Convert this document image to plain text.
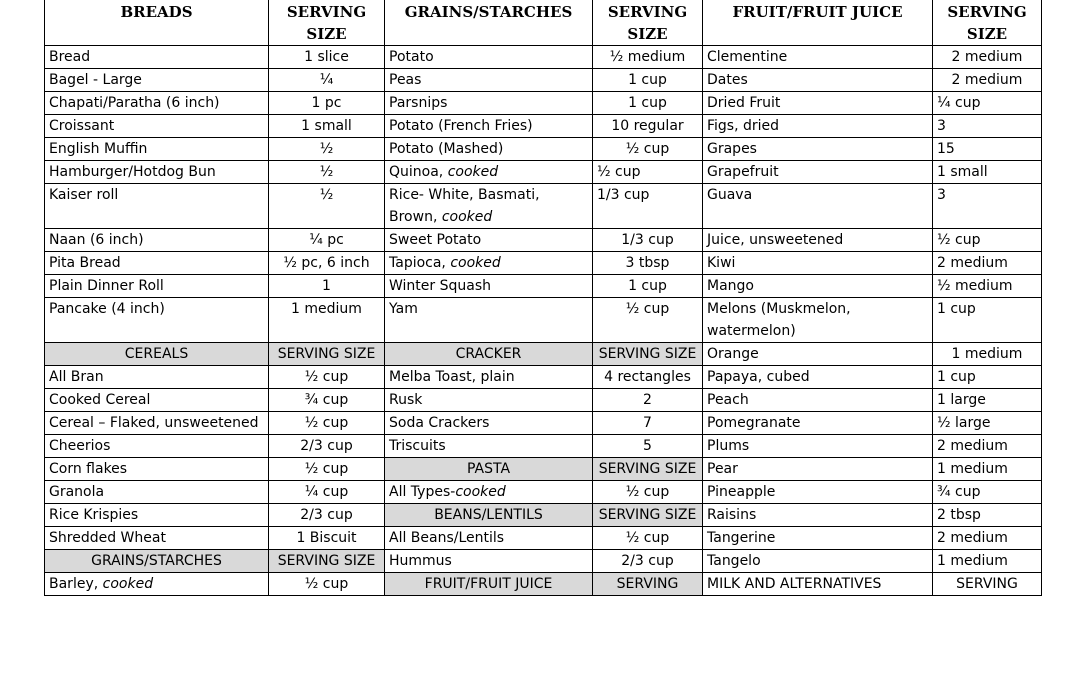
BREADS	SERVING SIZE	GRAINS/STARCHES	SERVING SIZE	FRUIT/FRUIT JUICE	SERVING SIZE
Bread	1 slice	Potato	½ medium	Clementine	2 medium
Bagel - Large	¼	Peas	1 cup	Dates	2 medium
Chapati/Paratha (6 inch)	1 pc	Parsnips	1 cup	Dried Fruit	¼ cup
Croissant	1 small	Potato (French Fries)	10 regular	Figs, dried	3
English Muffin	½	Potato (Mashed)	½ cup	Grapes	15
Hamburger/Hotdog Bun	½	Quinoa, cooked	½ cup	Grapefruit	1 small
Kaiser roll	½	Rice- White, Basmati, Brown, cooked	1/3 cup	Guava	3
Naan (6 inch)	¼ pc	Sweet Potato	1/3 cup	Juice, unsweetened	½ cup
Pita Bread	½ pc, 6 inch	Tapioca, cooked	3 tbsp	Kiwi	2 medium
Plain Dinner Roll	1	Winter Squash	1 cup	Mango	½ medium
Pancake (4 inch)	1 medium	Yam	½ cup	Melons (Muskmelon, watermelon)	1 cup
CEREALS	SERVING SIZE	CRACKER	SERVING SIZE	Orange	1 medium
All Bran	½ cup	Melba Toast, plain	4 rectangles	Papaya, cubed	1 cup
Cooked Cereal	¾ cup	Rusk	2	Peach	1 large
Cereal – Flaked, unsweetened	½ cup	Soda Crackers	7	Pomegranate	½ large
Cheerios	2/3 cup	Triscuits	5	Plums	2 medium
Corn flakes	½ cup	PASTA	SERVING SIZE	Pear	1 medium
Granola	¼ cup	All Types-cooked	½ cup	Pineapple	¾ cup
Rice Krispies	2/3 cup	BEANS/LENTILS	SERVING SIZE	Raisins	2 tbsp
Shredded Wheat	1 Biscuit	All Beans/Lentils	½ cup	Tangerine	2 medium
GRAINS/STARCHES	SERVING SIZE	Hummus	2/3 cup	Tangelo	1 medium
Barley, cooked	½ cup	FRUIT/FRUIT JUICE	SERVING	MILK AND ALTERNATIVES	SERVING
